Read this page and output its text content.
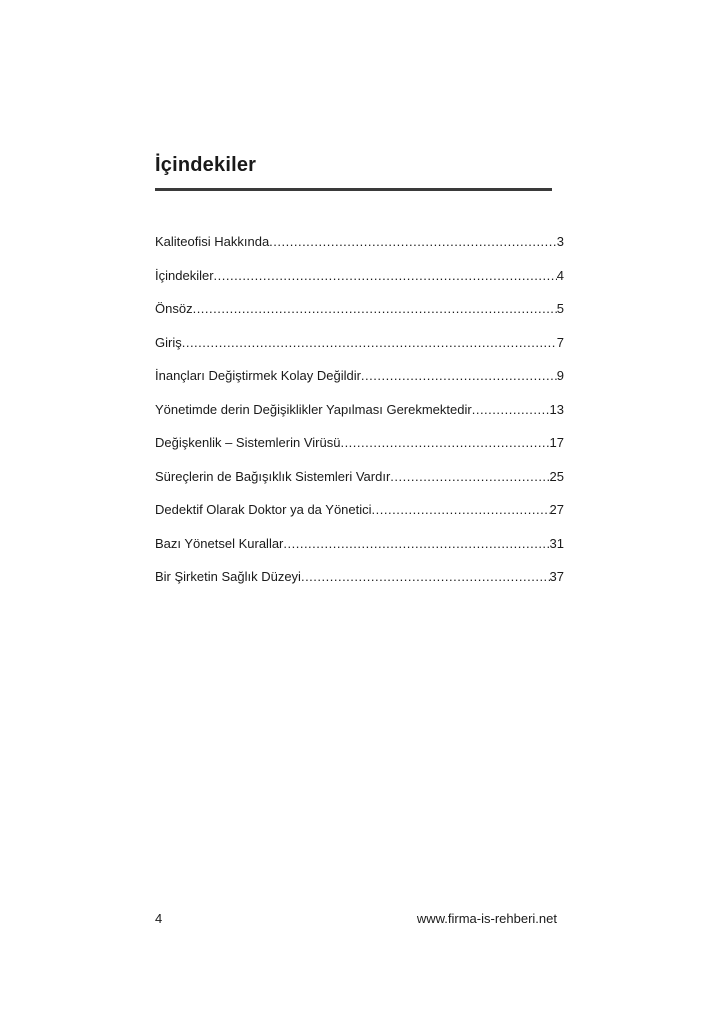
İçindekiler
Kaliteofisi Hakkında .....	3
İçindekiler .....	4
Önsöz .....	5
Giriş .....	7
İnançları Değiştirmek Kolay Değildir .....	9
Yönetimde derin Değişiklikler Yapılması Gerekmektedir .....	13
Değişkenlik – Sistemlerin Virüsü .....	17
Süreçlerin de Bağışıklık Sistemleri Vardır .....	25
Dedektif Olarak Doktor ya da Yönetici .....	27
Bazı Yönetsel Kurallar .....	31
Bir Şirketin Sağlık Düzeyi .....	37
4	www.firma-is-rehberi.net
